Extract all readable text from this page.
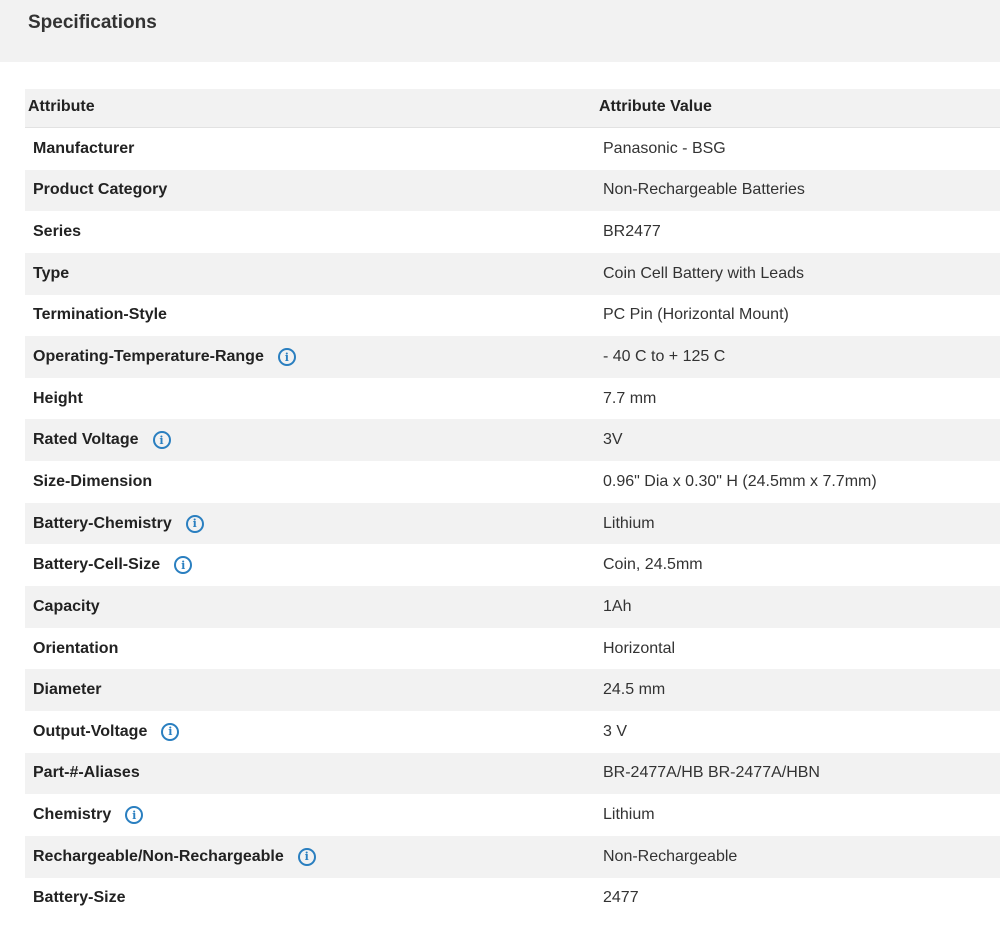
Specifications
Attribute	Attribute Value
Manufacturer	Panasonic - BSG
Product Category	Non-Rechargeable Batteries
Series	BR2477
Type	Coin Cell Battery with Leads
Termination-Style	PC Pin (Horizontal Mount)
Operating-Temperature-Range	i	- 40 C to + 125 C
Height	7.7 mm
Rated Voltage	i	3V
Size-Dimension	0.96" Dia x 0.30" H (24.5mm x 7.7mm)
Battery-Chemistry	i	Lithium
Battery-Cell-Size	i	Coin, 24.5mm
Capacity	1Ah
Orientation	Horizontal
Diameter	24.5 mm
Output-Voltage	i	3 V
Part-#-Aliases	BR-2477A/HB BR-2477A/HBN
Chemistry	i	Lithium
Rechargeable/Non-Rechargeable	i	Non-Rechargeable
Battery-Size	2477
